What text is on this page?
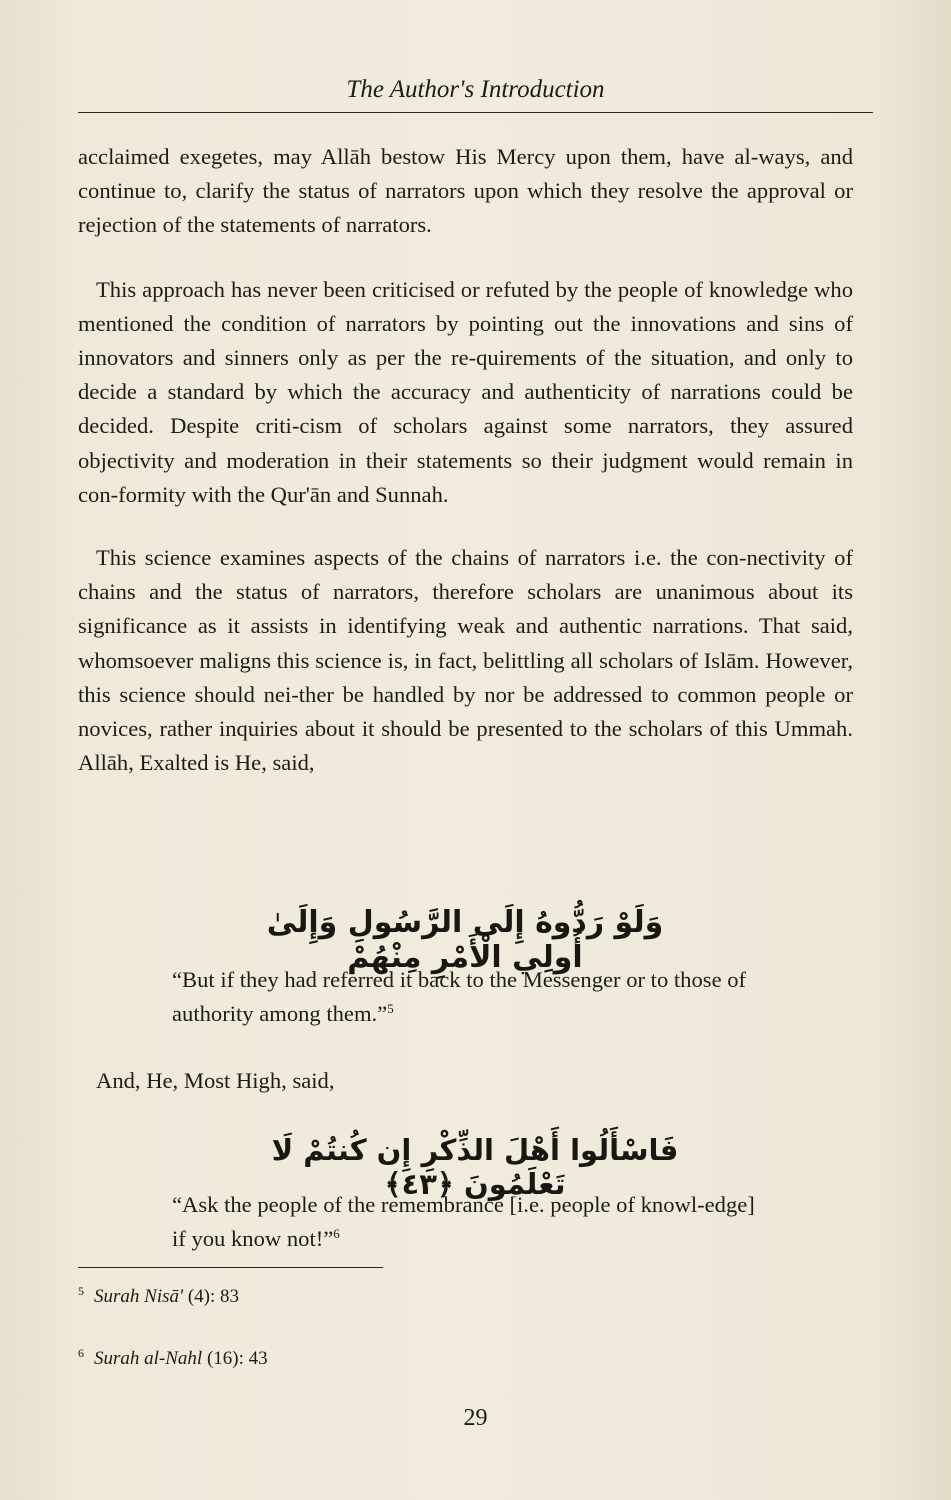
The Author's Introduction

acclaimed exegetes, may Allāh bestow His Mercy upon them, have al-ways, and continue to, clarify the status of narrators upon which they resolve the approval or rejection of the statements of narrators.

This approach has never been criticised or refuted by the people of knowledge who mentioned the condition of narrators by pointing out the innovations and sins of innovators and sinners only as per the re-quirements of the situation, and only to decide a standard by which the accuracy and authenticity of narrations could be decided. Despite criti-cism of scholars against some narrators, they assured objectivity and moderation in their statements so their judgment would remain in con-formity with the Qur'ān and Sunnah.

This science examines aspects of the chains of narrators i.e. the con-nectivity of chains and the status of narrators, therefore scholars are unanimous about its significance as it assists in identifying weak and authentic narrations. That said, whomsoever maligns this science is, in fact, belittling all scholars of Islām. However, this science should nei-ther be handled by nor be addressed to common people or novices, rather inquiries about it should be presented to the scholars of this Ummah. Allāh, Exalted is He, said,

وَلَوْ رَدُّوهُ إِلَى الرَّسُولِ وَإِلَىٰ أُولِي الْأَمْرِ مِنْهُمْ
“But if they had referred it back to the Messenger or to those of authority among them.”$^5$
And, He, Most High, said,
فَاسْأَلُوا أَهْلَ الذِّكْرِ إِن كُنتُمْ لَا تَعْلَمُونَ ﴿٤٣﴾
“Ask the people of the remembrance [i.e. people of knowl-edge] if you know not!”$^6$
$^5$ Surah Nisā' (4): 83
$^6$ Surah al-Nahl (16): 43
29
